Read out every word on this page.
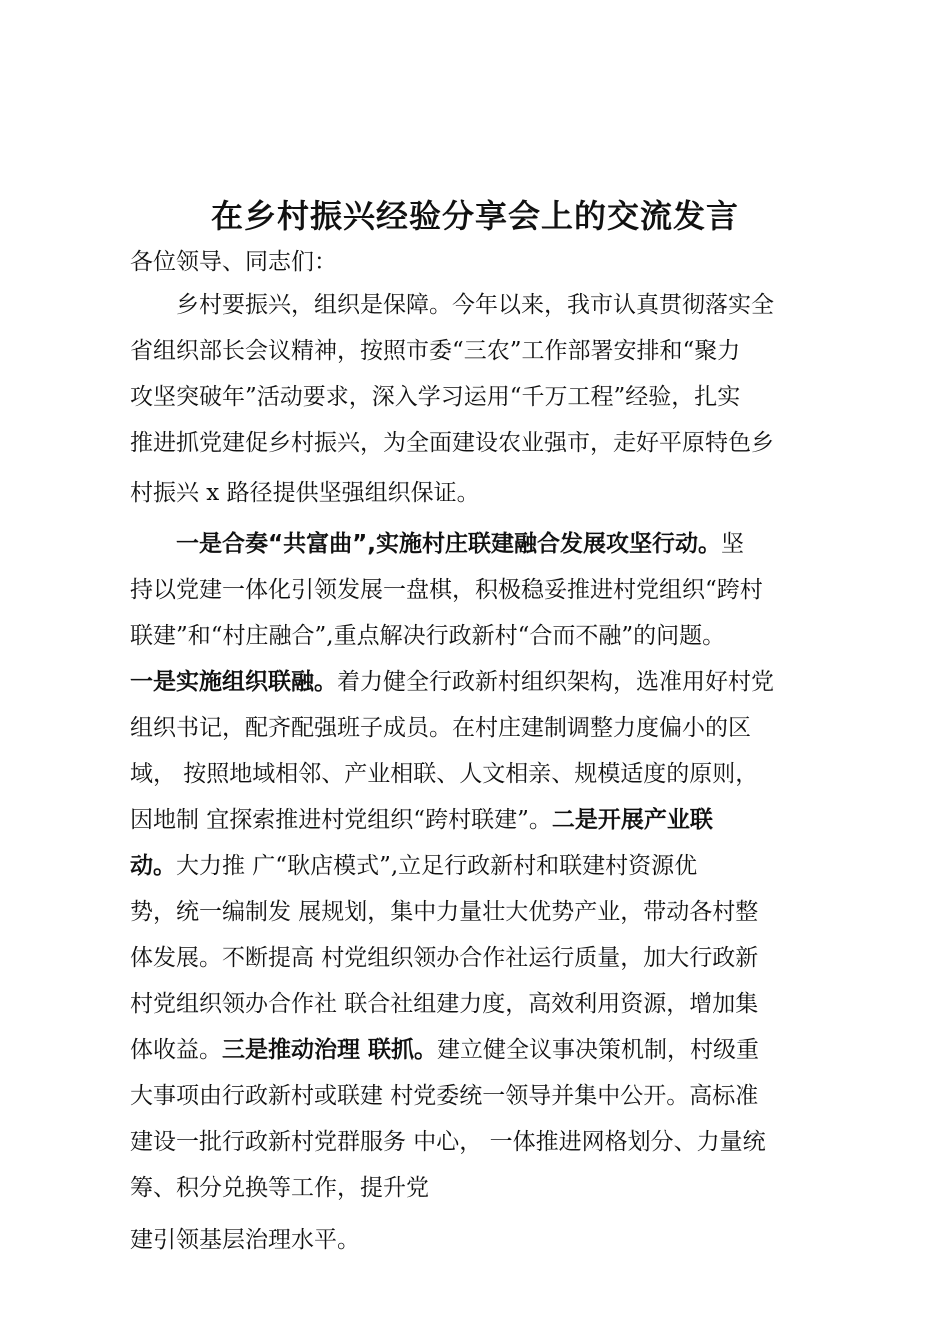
在乡村振兴经验分享会上的交流发言

各位领导、同志们：

乡村要振兴，组织是保障。今年以来，我市认真贯彻落实全

省组织部长会议精神，按照市委“三农”工作部署安排和“聚力

攻坚突破年”活动要求，深入学习运用“千万工程”经验，扎实

推进抓党建促乡村振兴，为全面建设农业强市，走好平原特色乡

村振兴 x 路径提供坚强组织保证。

一是合奏“共富曲”,实施村庄联建融合发展攻坚行动。坚

持以党建一体化引领发展一盘棋，积极稳妥推进村党组织“跨村

联建”和“村庄融合”,重点解决行政新村“合而不融”的问题。

一是实施组织联融。着力健全行政新村组织架构，选准用好村党

组织书记，配齐配强班子成员。在村庄建制调整力度偏小的区

域， 按照地域相邻、产业相联、人文相亲、规模适度的原则，

因地制 宜探索推进村党组织“跨村联建”。二是开展产业联

动。大力推 广“耿店模式”,立足行政新村和联建村资源优

势，统一编制发 展规划，集中力量壮大优势产业，带动各村整

体发展。不断提高 村党组织领办合作社运行质量，加大行政新

村党组织领办合作社 联合社组建力度，高效利用资源，增加集

体收益。三是推动治理 联抓。建立健全议事决策机制，村级重

大事项由行政新村或联建 村党委统一领导并集中公开。高标准

建设一批行政新村党群服务 中心， 一体推进网格划分、力量统

筹、积分兑换等工作，提升党

建引领基层治理水平。
